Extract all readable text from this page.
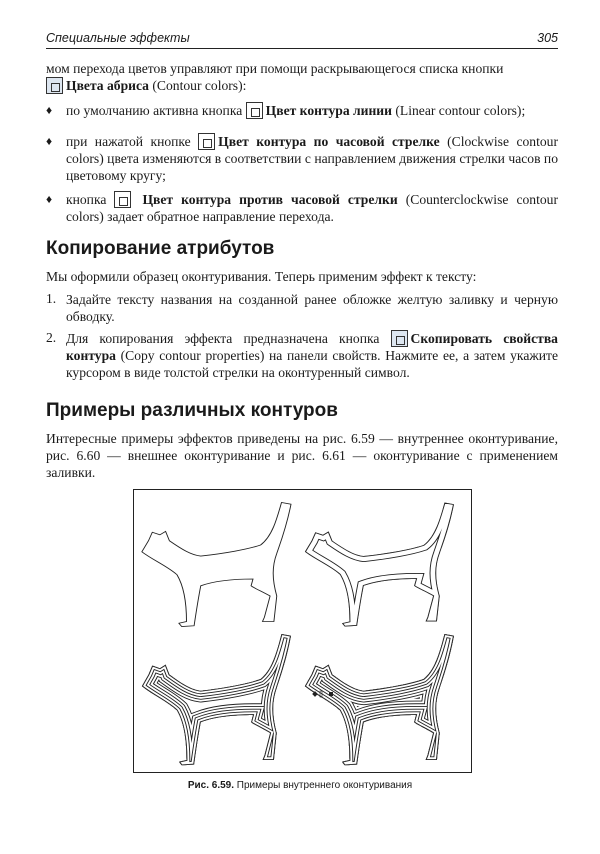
Специальные эффекты	305
мом перехода цветов управляют при помощи раскрывающегося списка кнопки
Цвета абриса (Contour colors):
♦ по умолчанию активна кнопка Цвет контура линии (Linear contour colors);
♦ при нажатой кнопке Цвет контура по часовой стрелке (Clockwise contour colors) цвета изменяются в соответствии с направлением движения стрелки часов по цветовому кругу;
♦ кнопка	Цвет контура против часовой стрелки (Counterclockwise contour colors) задает обратное направление перехода.
Копирование атрибутов
Мы оформили образец оконтуривания. Теперь применим эффект к тексту:
1. Задайте тексту названия на созданной ранее обложке желтую заливку и черную обводку.
2. Для копирования эффекта предназначена кнопка Скопировать свойства контура (Copy contour properties) на панели свойств. Нажмите ее, а затем укажите курсором в виде толстой стрелки на оконтуренный символ.
Примеры различных контуров
Интересные примеры эффектов приведены на рис. 6.59 — внутреннее оконтуривание, рис. 6.60 — внешнее оконтуривание и рис. 6.61 — оконтуривание с применением заливки.
Рис. 6.59. Примеры внутреннего оконтуривания
